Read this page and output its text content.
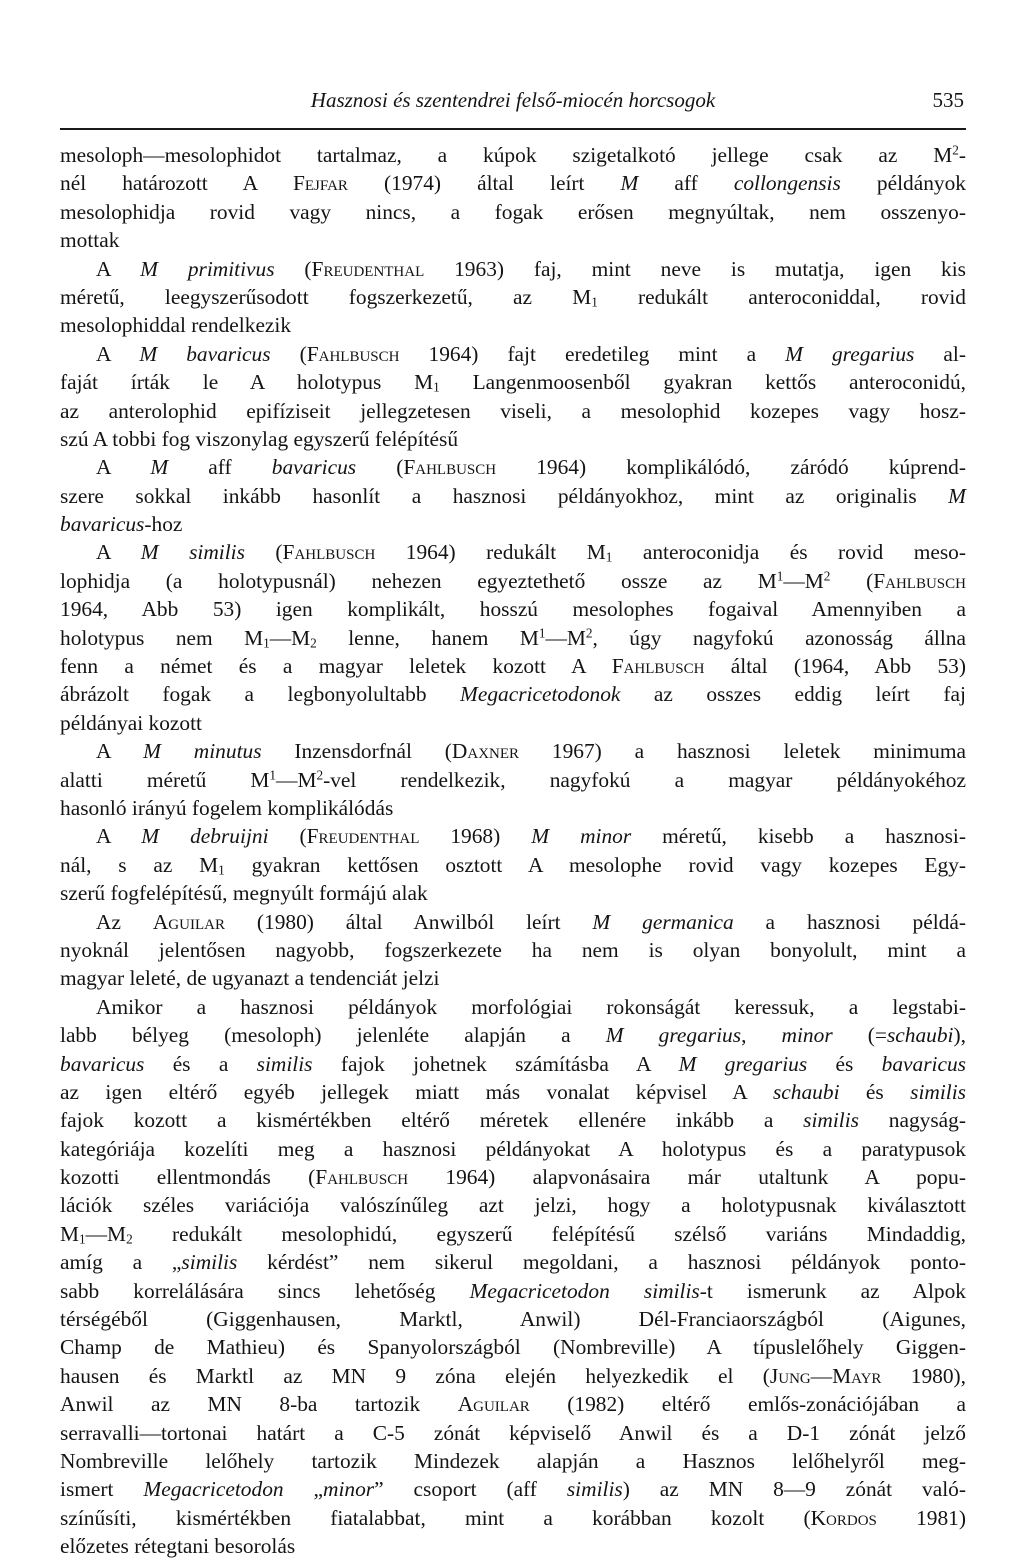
Hasznosi és szentendrei felső-miocén horcsogok	535
mesoloph—mesolophidot tartalmaz, a kúpok szigetalkotó jellege csak az $M^2-$
nél határozott A Fejfar (1974) által leírt M aff collongensis példányok
mesolophidja rovid vagy nincs, a fogak erősen megnyúltak, nem osszenyo-
mottak
A M primitivus (Freudenthal 1963) faj, mint neve is mutatja, igen kis
méretű, leegyszerűsodott fogszerkezetű, az $M_1$ redukált anteroconiddal, rovid
mesolophiddal rendelkezik
A M bavaricus (Fahlbusch 1964) fajt eredetileg mint a M gregarius al-
faját írták le A holotypus $M_1$ Langenmoosenből gyakran kettős anteroconidú,
az anterolophid epifíziseit jellegzetesen viseli, a mesolophid kozepes vagy hosz-
szú A tobbi fog viszonylag egyszerű felépítésű
A M aff bavaricus (Fahlbusch 1964) komplikálódó, záródó kúprend-
szere sokkal inkább hasonlít a hasznosi példányokhoz, mint az originalis M
bavaricus-hoz
A M similis (Fahlbusch 1964) redukált $M_1$ anteroconidja és rovid meso-
lophidja (a holotypusnál) nehezen egyeztethető ossze az $M^1—M^2$ (Fahlbusch
1964, Abb 53) igen komplikált, hosszú mesolophes fogaival Amennyiben a
holotypus nem $M_1—M_2$ lenne, hanem $M^1—M^2$, úgy nagyfokú azonosság állna
fenn a német és a magyar leletek kozott A Fahlbusch által (1964, Abb 53)
ábrázolt fogak a legbonyolultabb Megacricetodonok az osszes eddig leírt faj
példányai kozott
A M minutus Inzensdorfnál (Daxner 1967) a hasznosi leletek minimuma
alatti méretű $M^1—M^2$-vel rendelkezik, nagyfokú a magyar példányokéhoz
hasonló irányú fogelem komplikálódás
A M debruijni (Freudenthal 1968) M minor méretű, kisebb a hasznosi-
nál, s az $M_1$ gyakran kettősen osztott A mesolophe rovid vagy kozepes Egy-
szerű fogfelépítésű, megnyúlt formájú alak
Az Aguilar (1980) által Anwilból leírt M germanica a hasznosi példá-
nyoknál jelentősen nagyobb, fogszerkezete ha nem is olyan bonyolult, mint a
magyar leleté, de ugyanazt a tendenciát jelzi
Amikor a hasznosi példányok morfológiai rokonságát keressuk, a legstabi-
labb bélyeg (mesoloph) jelenléte alapján a M gregarius, minor (=schaubi),
bavaricus és a similis fajok johetnek számításba A M gregarius és bavaricus
az igen eltérő egyéb jellegek miatt más vonalat képvisel A schaubi és similis
fajok kozott a kismértékben eltérő méretek ellenére inkább a similis nagyság-
kategóriája kozelíti meg a hasznosi példányokat A holotypus és a paratypusok
kozotti ellentmondás (Fahlbusch 1964) alapvonásaira már utaltunk A popu-
lációk széles variációja valószínűleg azt jelzi, hogy a holotypusnak kiválasztott
$M_1—M_2$ redukált mesolophidú, egyszerű felépítésű szélső variáns Mindaddig,
amíg a „similis kérdést” nem sikerul megoldani, a hasznosi példányok ponto-
sabb korrelálására sincs lehetőség Megacricetodon similis-t ismerunk az Alpok
térségéből (Giggenhausen, Marktl, Anwil) Dél-Franciaországból (Aigunes,
Champ de Mathieu) és Spanyolországból (Nombreville) A típuslelőhely Giggen-
hausen és Marktl az MN 9 zóna elején helyezkedik el (Jung—Mayr 1980),
Anwil az MN 8-ba tartozik Aguilar (1982) eltérő emlős-zonációjában a
serravalli—tortonai határt a C-5 zónát képviselő Anwil és a D-1 zónát jelző
Nombreville lelőhely tartozik Mindezek alapján a Hasznos lelőhelyről meg-
ismert Megacricetodon „minor” csoport (aff similis) az MN 8—9 zónát való-
színűsíti, kismértékben fiatalabbat, mint a korábban kozolt (Kordos 1981)
előzetes rétegtani besorolás
